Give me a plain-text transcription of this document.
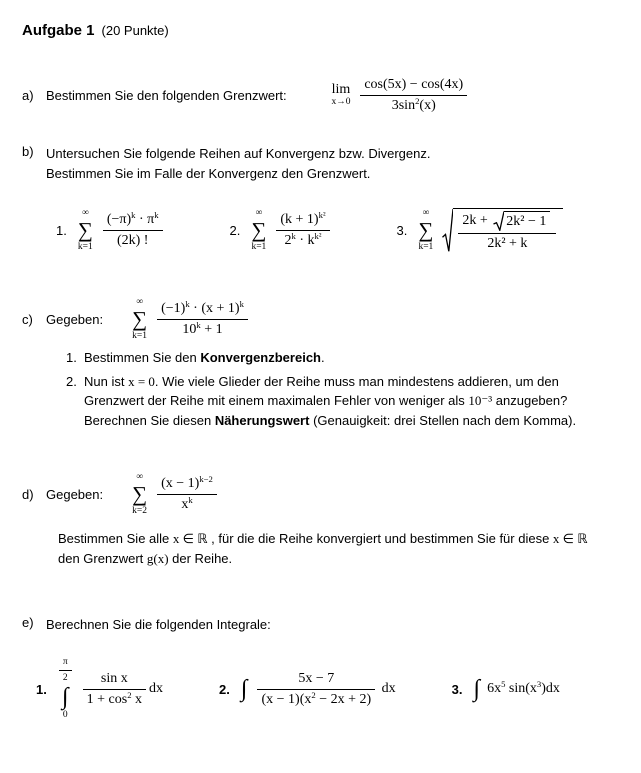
Aufgabe 1 (20 Punkte)
a) Bestimmen Sie den folgenden Grenzwert:	lim
$x\to 0 \frac{\cos(5x) - \cos(4x)}{3\sin 2 (x)}$
b) Untersuchen Sie folgende Reihen auf Konvergenz bzw. Divergenz.
Bestimmen Sie im Falle der Konvergenz den Grenzwert.
1.
∞
∑
$k=1 \frac{\text{(−π) k · π k}}{(2k) !}$	2.
∞
∑
$k=1 \frac{\text{(k + 1) k²}}{\text{2 k · k k²}}$	3.
∞
∑
$k=1 \frac{\text{2k + 2k² − 1}}{\text{2k² + k}}$
c)	Gegeben:
∞
∑
$k=1 \frac{(-1) k \cdot (x + 1) k}{10 k + 1}$
1. Bestimmen Sie den Konvergenzbereich.
2. Nun ist x = 0. Wie viele Glieder der Reihe muss man mindestens addieren, um den Grenzwert der Reihe mit einem maximalen Fehler von weniger als 10⁻³ anzugeben? Berechnen Sie diesen Näherungswert (Genauigkeit: drei Stellen nach dem Komma).
d) Gegeben:
∞
∑
$k=2 \frac{(x - 1) k-2}{\text{x k}}$
Bestimmen Sie alle x ∈ ℝ , für die die Reihe konvergiert und bestimmen Sie für diese x ∈ ℝ den Grenzwert g(x) der Reihe.
e) Berechnen Sie die folgenden Integrale:
1.
$\frac{\pi}{2}$
∫
0
$\frac{\text{sin x}}{1 + \cos 2 x}$ dx	2. ∫ $\frac{5x - 7}{(x - 1)(x 2 - 2x + 2)}$ dx	3. ∫ 6x 5 sin(x 3 )dx
